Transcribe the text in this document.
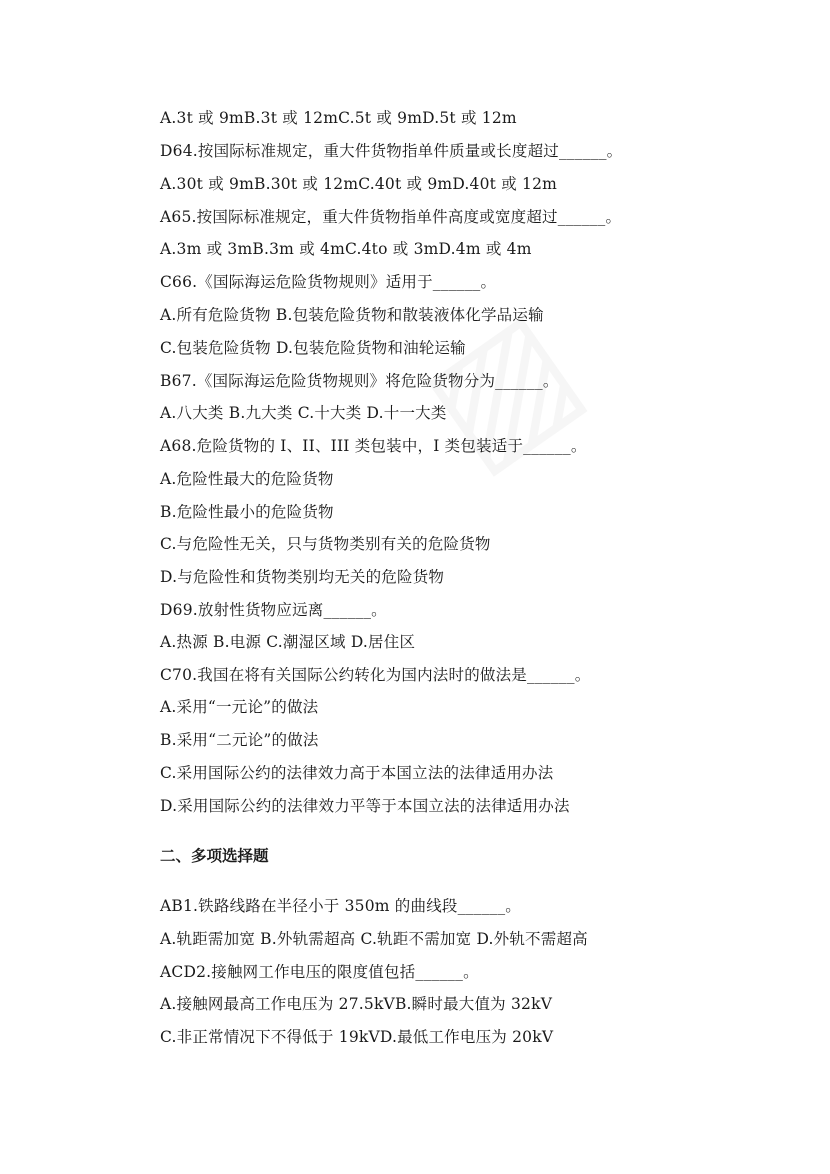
A.3t 或 9mB.3t 或 12mC.5t 或 9mD.5t 或 12m
D64.按国际标准规定，重大件货物指单件质量或长度超过______。
A.30t 或 9mB.30t 或 12mC.40t 或 9mD.40t 或 12m
A65.按国际标准规定，重大件货物指单件高度或宽度超过______。
A.3m 或 3mB.3m 或 4mC.4to 或 3mD.4m 或 4m
C66.《国际海运危险货物规则》适用于______。
A.所有危险货物 B.包装危险货物和散装液体化学品运输
C.包装危险货物 D.包装危险货物和油轮运输
B67.《国际海运危险货物规则》将危险货物分为______。
A.八大类 B.九大类 C.十大类 D.十一大类
A68.危险货物的 I、II、III 类包装中，I 类包装适于______。
A.危险性最大的危险货物
B.危险性最小的危险货物
C.与危险性无关，只与货物类别有关的危险货物
D.与危险性和货物类别均无关的危险货物
D69.放射性货物应远离______。
A.热源 B.电源 C.潮湿区域 D.居住区
C70.我国在将有关国际公约转化为国内法时的做法是______。
A.采用“一元论”的做法
B.采用“二元论”的做法
C.采用国际公约的法律效力高于本国立法的法律适用办法
D.采用国际公约的法律效力平等于本国立法的法律适用办法
二、多项选择题
AB1.铁路线路在半径小于 350m 的曲线段______。
A.轨距需加宽 B.外轨需超高 C.轨距不需加宽 D.外轨不需超高
ACD2.接触网工作电压的限度值包括______。
A.接触网最高工作电压为 27.5kVB.瞬时最大值为 32kV
C.非正常情况下不得低于 19kVD.最低工作电压为 20kV
